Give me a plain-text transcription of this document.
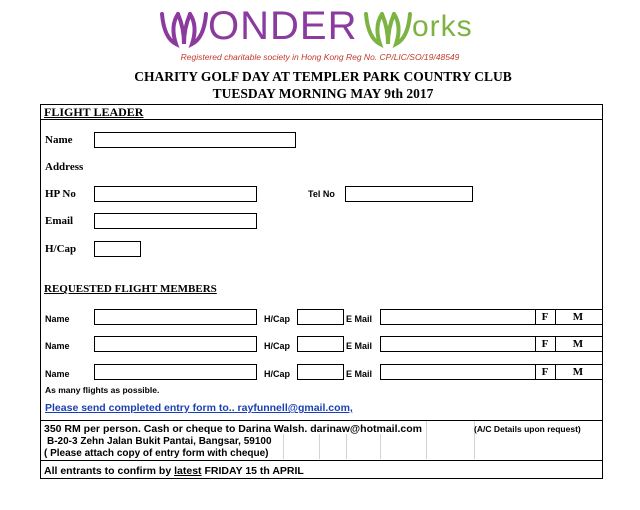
ONDER orks
Registered charitable society in Hong Kong Reg No. CP/LIC/SO/19/48549
CHARITY GOLF DAY AT TEMPLER PARK COUNTRY CLUB
TUESDAY MORNING MAY 9th 2017
FLIGHT LEADER
Name
Address
HP No	Tel No
Email
H/Cap
REQUESTED FLIGHT MEMBERS
Name	H/Cap	E Mail	F	M
Name	H/Cap	E Mail	F	M
Name	H/Cap	E Mail	F	M
As many flights as possible.
Please send completed entry form to.. rayfunnell@gmail.com,
350 RM per person. Cash or cheque to Darina Walsh. darinaw@hotmail.com	(A/C Details upon request)
B-20-3 Zehn Jalan Bukit Pantai, Bangsar, 59100
( Please attach copy of entry form with cheque)
All entrants to confirm by latest FRIDAY 15 th APRIL
